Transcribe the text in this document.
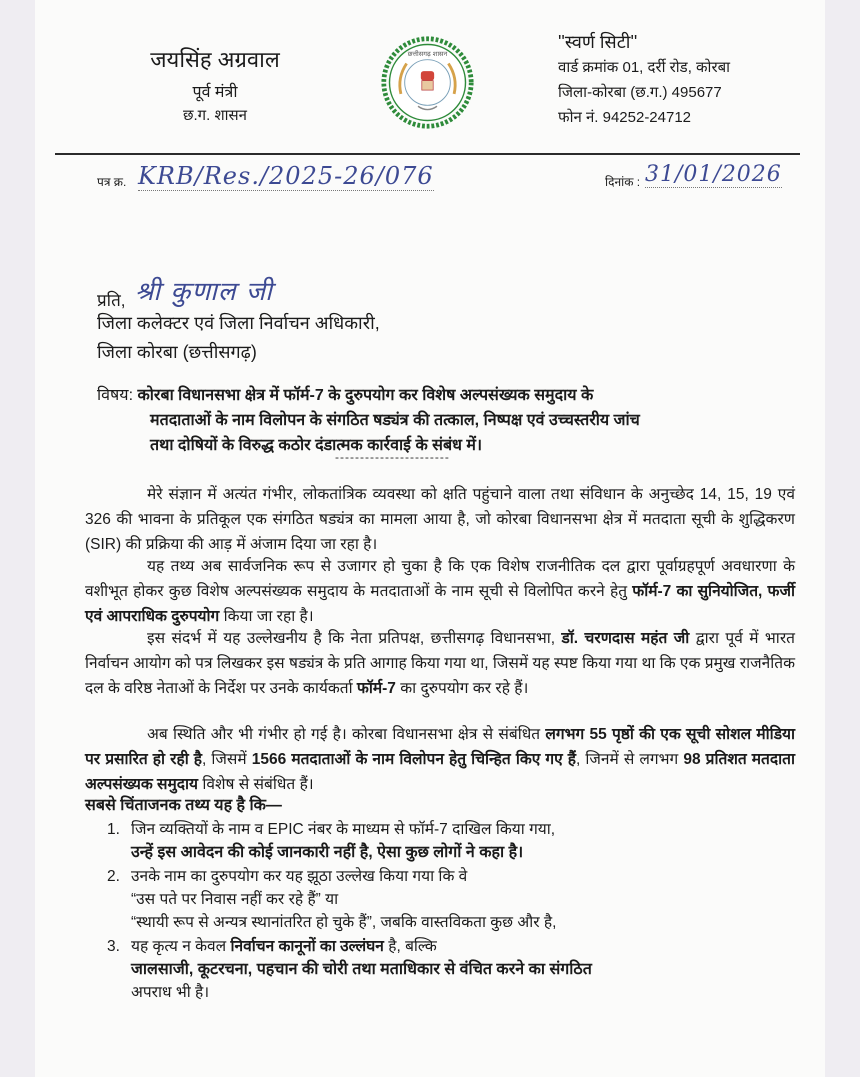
जयसिंह अग्रवाल
पूर्व मंत्री
छ.ग. शासन
छत्तीसगढ़ शासन
''स्वर्ण सिटी''
वार्ड क्रमांक 01, दर्री रोड, कोरबा
जिला-कोरबा (छ.ग.) 495677
फोन नं. 94252-24712
पत्र क्र. KRB/Res./2025-26/076	दिनांक : 31/01/2026
प्रति, श्री कुणाल जी
जिला कलेक्टर एवं जिला निर्वाचन अधिकारी,
जिला कोरबा (छत्तीसगढ़)
विषय: कोरबा विधानसभा क्षेत्र में फॉर्म-7 के दुरुपयोग कर विशेष अल्पसंख्यक समुदाय के
मतदाताओं के नाम विलोपन के संगठित षड्यंत्र की तत्काल, निष्पक्ष एवं उच्चस्तरीय जांच
तथा दोषियों के विरुद्ध कठोर दंडात्मक कार्रवाई के संबंध में।
-----------------------
मेरे संज्ञान में अत्यंत गंभीर, लोकतांत्रिक व्यवस्था को क्षति पहुंचाने वाला तथा संविधान के अनुच्छेद 14, 15, 19 एवं 326 की भावना के प्रतिकूल एक संगठित षड्यंत्र का मामला आया है, जो कोरबा विधानसभा क्षेत्र में मतदाता सूची के शुद्धिकरण (SIR) की प्रक्रिया की आड़ में अंजाम दिया जा रहा है।
यह तथ्य अब सार्वजनिक रूप से उजागर हो चुका है कि एक विशेष राजनीतिक दल द्वारा पूर्वाग्रहपूर्ण अवधारणा के वशीभूत होकर कुछ विशेष अल्पसंख्यक समुदाय के मतदाताओं के नाम सूची से विलोपित करने हेतु फॉर्म-7 का सुनियोजित, फर्जी एवं आपराधिक दुरुपयोग किया जा रहा है।
इस संदर्भ में यह उल्लेखनीय है कि नेता प्रतिपक्ष, छत्तीसगढ़ विधानसभा, डॉ. चरणदास महंत जी द्वारा पूर्व में भारत निर्वाचन आयोग को पत्र लिखकर इस षड्यंत्र के प्रति आगाह किया गया था, जिसमें यह स्पष्ट किया गया था कि एक प्रमुख राजनैतिक दल के वरिष्ठ नेताओं के निर्देश पर उनके कार्यकर्ता फॉर्म-7 का दुरुपयोग कर रहे हैं।
अब स्थिति और भी गंभीर हो गई है। कोरबा विधानसभा क्षेत्र से संबंधित लगभग 55 पृष्ठों की एक सूची सोशल मीडिया पर प्रसारित हो रही है, जिसमें 1566 मतदाताओं के नाम विलोपन हेतु चिन्हित किए गए हैं, जिनमें से लगभग 98 प्रतिशत मतदाता अल्पसंख्यक समुदाय विशेष से संबंधित हैं।
सबसे चिंताजनक तथ्य यह है कि—
1. जिन व्यक्तियों के नाम व EPIC नंबर के माध्यम से फॉर्म-7 दाखिल किया गया,
उन्हें इस आवेदन की कोई जानकारी नहीं है, ऐसा कुछ लोगों ने कहा है।
2. उनके नाम का दुरुपयोग कर यह झूठा उल्लेख किया गया कि वे
“उस पते पर निवास नहीं कर रहे हैं” या
“स्थायी रूप से अन्यत्र स्थानांतरित हो चुके हैं”, जबकि वास्तविकता कुछ और है,
3. यह कृत्य न केवल निर्वाचन कानूनों का उल्लंघन है, बल्कि
जालसाजी, कूटरचना, पहचान की चोरी तथा मताधिकार से वंचित करने का संगठित
अपराध भी है।
